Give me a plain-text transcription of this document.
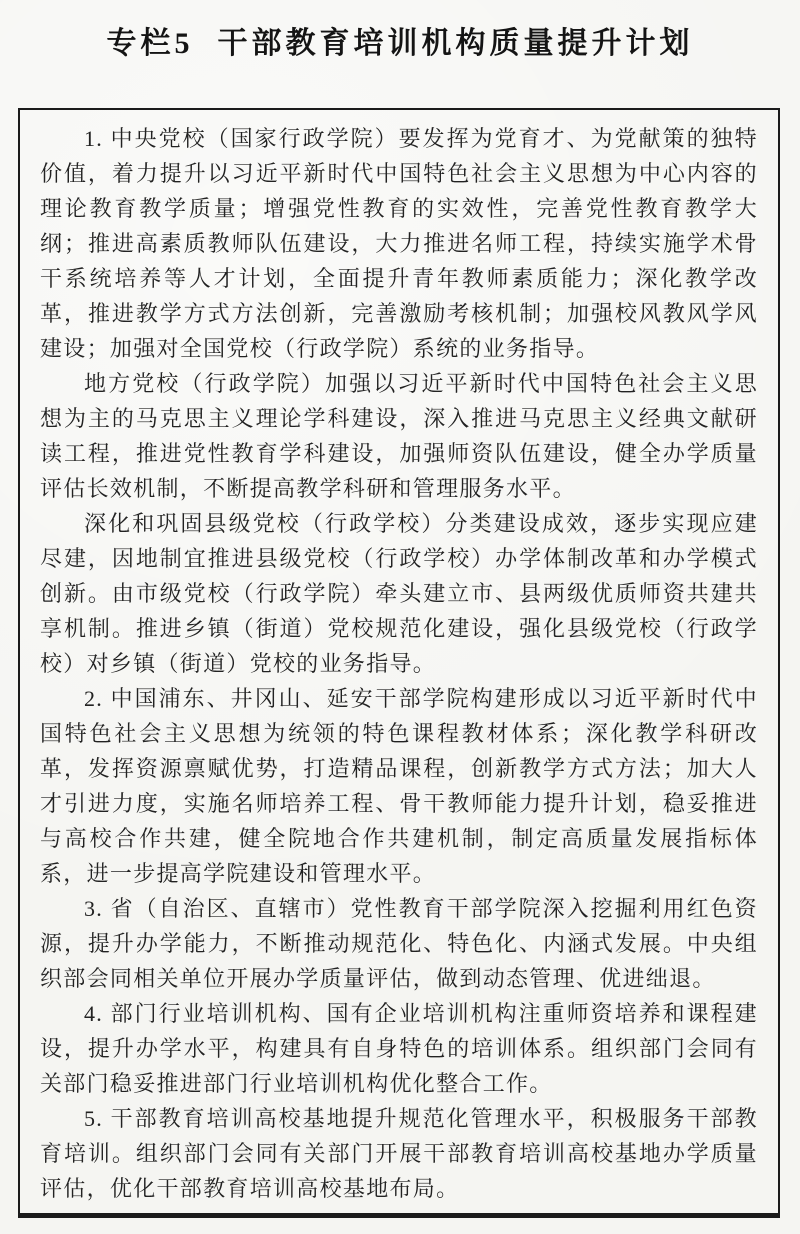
专栏5 干部教育培训机构质量提升计划

1. 中央党校（国家行政学院）要发挥为党育才、为党献策的独特价值，着力提升以习近平新时代中国特色社会主义思想为中心内容的理论教育教学质量；增强党性教育的实效性，完善党性教育教学大纲；推进高素质教师队伍建设，大力推进名师工程，持续实施学术骨干系统培养等人才计划，全面提升青年教师素质能力；深化教学改革，推进教学方式方法创新，完善激励考核机制；加强校风教风学风建设；加强对全国党校（行政学院）系统的业务指导。

地方党校（行政学院）加强以习近平新时代中国特色社会主义思想为主的马克思主义理论学科建设，深入推进马克思主义经典文献研读工程，推进党性教育学科建设，加强师资队伍建设，健全办学质量评估长效机制，不断提高教学科研和管理服务水平。

深化和巩固县级党校（行政学校）分类建设成效，逐步实现应建尽建，因地制宜推进县级党校（行政学校）办学体制改革和办学模式创新。由市级党校（行政学院）牵头建立市、县两级优质师资共建共享机制。推进乡镇（街道）党校规范化建设，强化县级党校（行政学校）对乡镇（街道）党校的业务指导。

2. 中国浦东、井冈山、延安干部学院构建形成以习近平新时代中国特色社会主义思想为统领的特色课程教材体系；深化教学科研改革，发挥资源禀赋优势，打造精品课程，创新教学方式方法；加大人才引进力度，实施名师培养工程、骨干教师能力提升计划，稳妥推进与高校合作共建，健全院地合作共建机制，制定高质量发展指标体系，进一步提高学院建设和管理水平。

3. 省（自治区、直辖市）党性教育干部学院深入挖掘利用红色资源，提升办学能力，不断推动规范化、特色化、内涵式发展。中央组织部会同相关单位开展办学质量评估，做到动态管理、优进绌退。

4. 部门行业培训机构、国有企业培训机构注重师资培养和课程建设，提升办学水平，构建具有自身特色的培训体系。组织部门会同有关部门稳妥推进部门行业培训机构优化整合工作。

5. 干部教育培训高校基地提升规范化管理水平，积极服务干部教育培训。组织部门会同有关部门开展干部教育培训高校基地办学质量评估，优化干部教育培训高校基地布局。
